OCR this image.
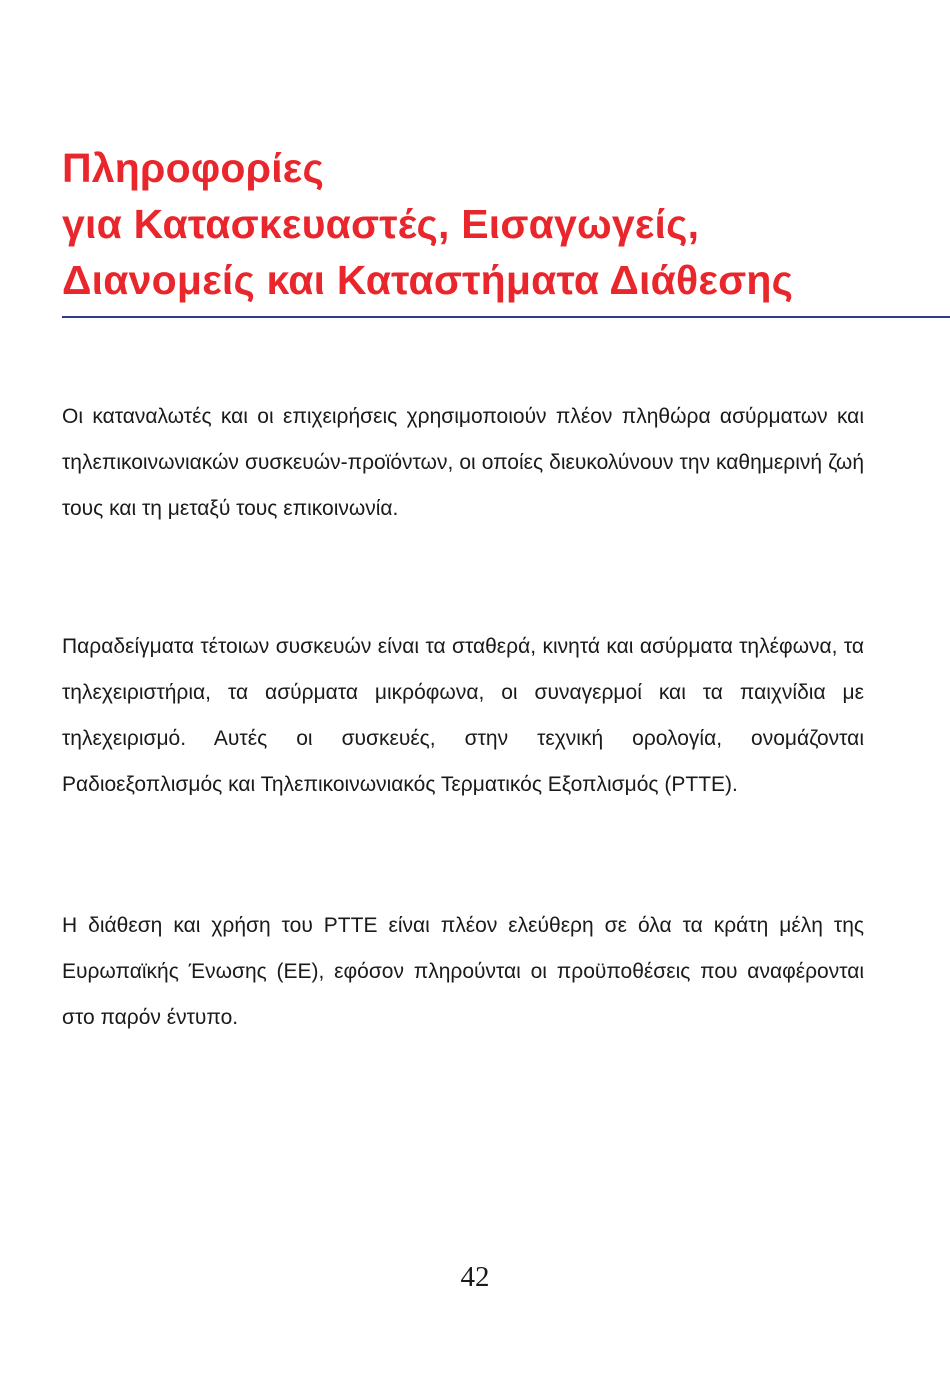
Πληροφορίες
για Κατασκευαστές, Εισαγωγείς,
Διανομείς και Καταστήματα Διάθεσης

Οι καταναλωτές και οι επιχειρήσεις χρησιμοποιούν πλέον πληθώρα ασύρματων και τηλεπικοινωνιακών συσκευών-προϊόντων, οι οποίες διευκολύνουν την καθημερινή ζωή τους και τη μεταξύ τους επικοινωνία.

Παραδείγματα τέτοιων συσκευών είναι τα σταθερά, κινητά και ασύρματα τηλέφωνα, τα τηλεχειριστήρια, τα ασύρματα μικρόφωνα, οι συναγερμοί και τα παιχνίδια με τηλεχειρισμό. Αυτές οι συσκευές, στην τεχνική ορολογία, ονομάζονται Ραδιοεξοπλισμός και Τηλεπικοινωνιακός Τερματικός Εξοπλισμός (PTTE).

Η διάθεση και χρήση του PTTE είναι πλέον ελεύθερη σε όλα τα κράτη μέλη της Ευρωπαϊκής Ένωσης (ΕΕ), εφόσον πληρούνται οι προϋποθέσεις που αναφέρονται στο παρόν έντυπο.

42
